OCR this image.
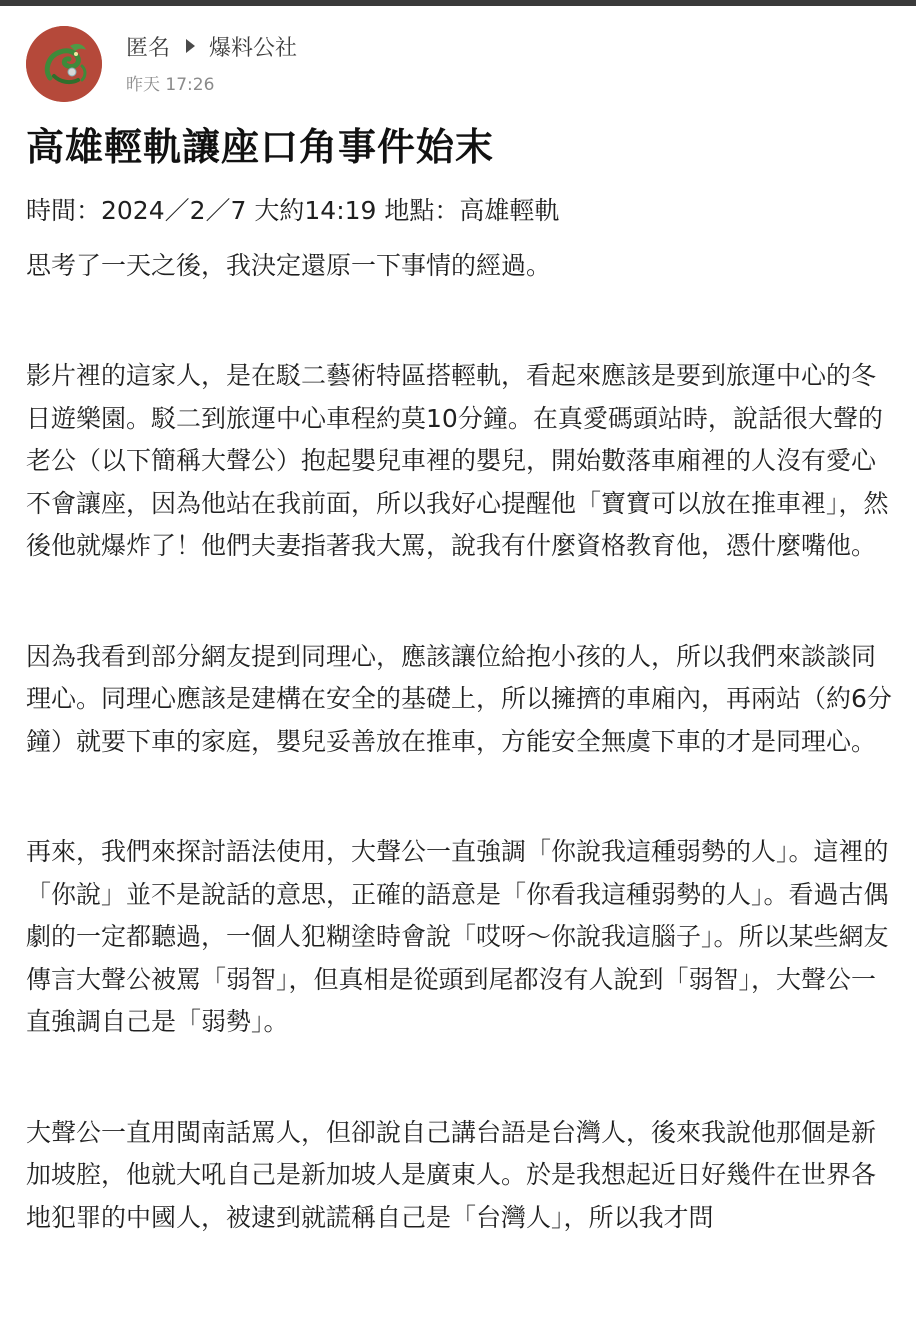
匿名 爆料公社
昨天 17:26
高雄輕軌讓座口角事件始末

時間：2024／2／7 大約14:19 地點：高雄輕軌

思考了一天之後，我決定還原一下事情的經過。

影片裡的這家人，是在駁二藝術特區搭輕軌，看起來應該是要到旅運中心的冬日遊樂園。駁二到旅運中心車程約莫10分鐘。在真愛碼頭站時，說話很大聲的老公（以下簡稱大聲公）抱起嬰兒車裡的嬰兒，開始數落車廂裡的人沒有愛心不會讓座，因為他站在我前面，所以我好心提醒他「寶寶可以放在推車裡」，然後他就爆炸了！他們夫妻指著我大罵，說我有什麼資格教育他，憑什麼嘴他。

因為我看到部分網友提到同理心，應該讓位給抱小孩的人，所以我們來談談同理心。同理心應該是建構在安全的基礎上，所以擁擠的車廂內，再兩站（約6分鐘）就要下車的家庭，嬰兒妥善放在推車，方能安全無虞下車的才是同理心。

再來，我們來探討語法使用，大聲公一直強調「你說我這種弱勢的人」。這裡的「你說」並不是說話的意思，正確的語意是「你看我這種弱勢的人」。看過古偶劇的一定都聽過，一個人犯糊塗時會說「哎呀～你說我這腦子」。所以某些網友傳言大聲公被罵「弱智」，但真相是從頭到尾都沒有人說到「弱智」，大聲公一直強調自己是「弱勢」。

大聲公一直用閩南話罵人，但卻說自己講台語是台灣人，後來我說他那個是新加坡腔，他就大吼自己是新加坡人是廣東人。於是我想起近日好幾件在世界各地犯罪的中國人，被逮到就謊稱自己是「台灣人」，所以我才問
